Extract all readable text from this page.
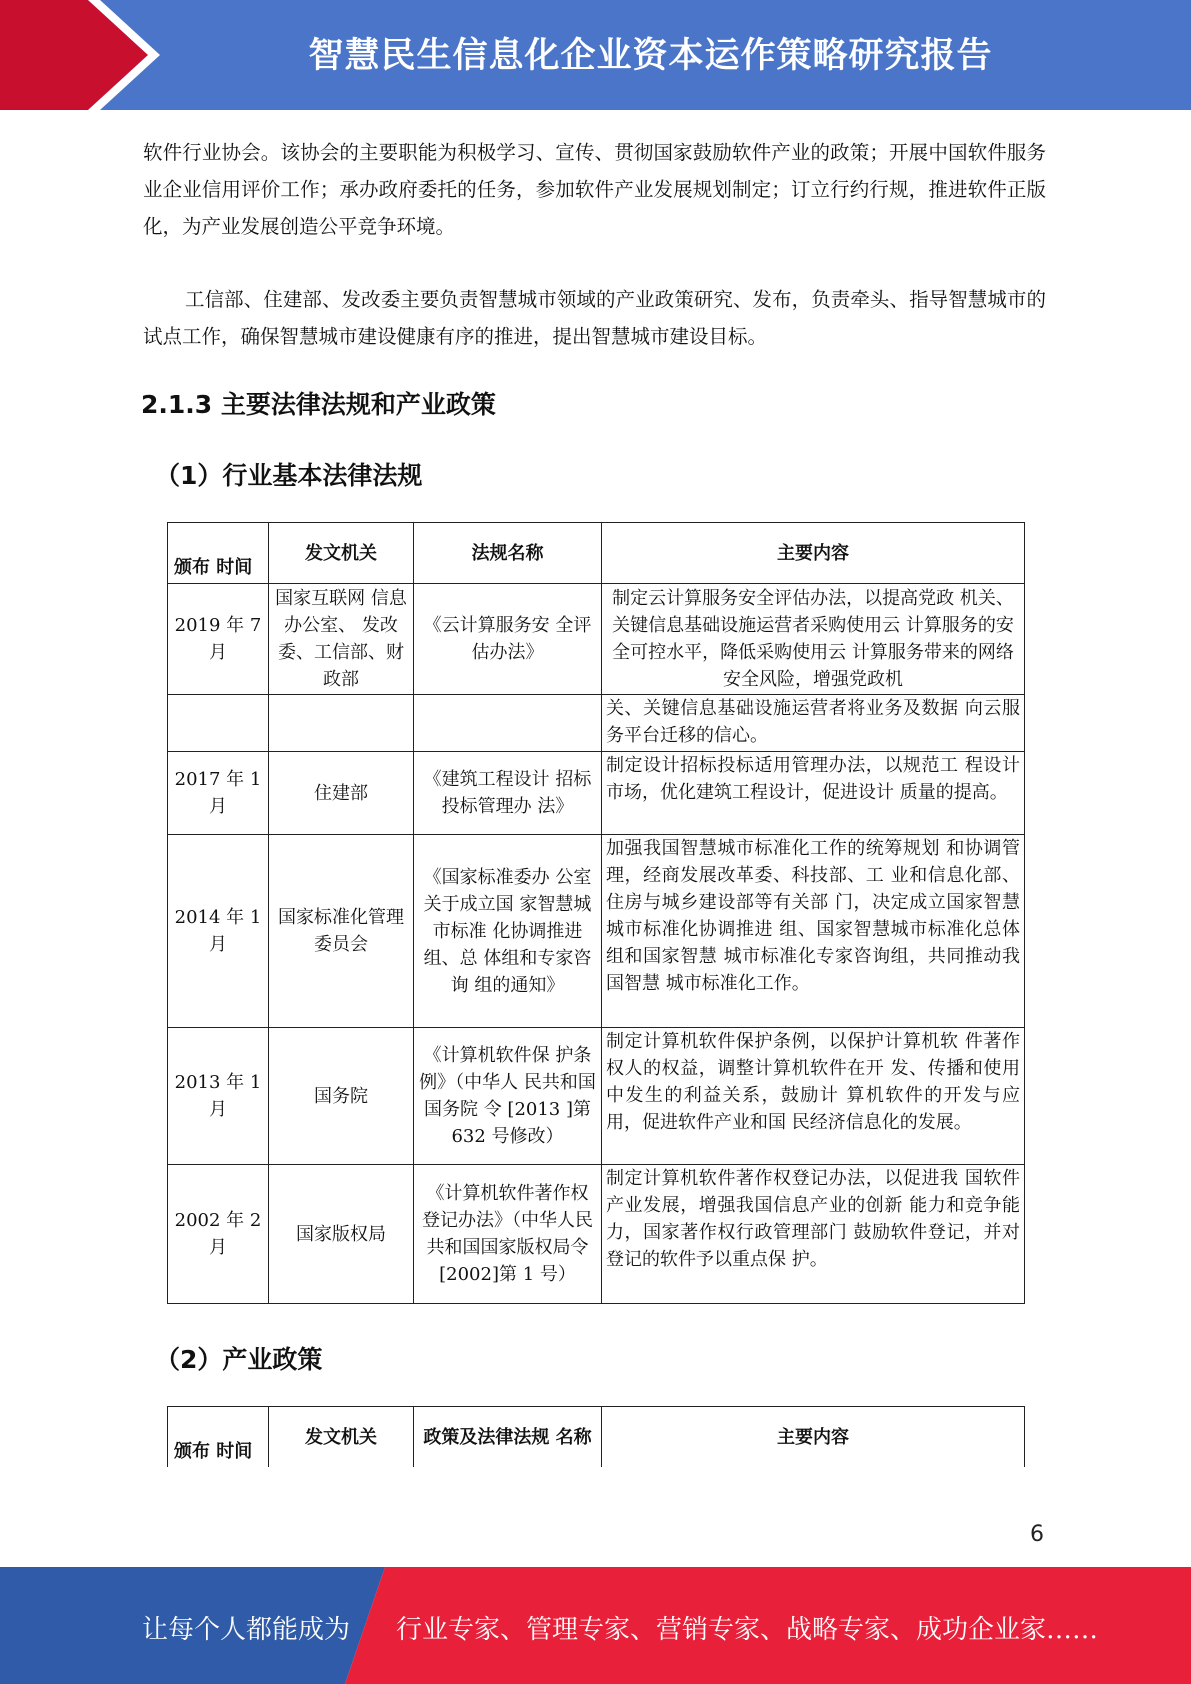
智慧民生信息化企业资本运作策略研究报告

软件行业协会。该协会的主要职能为积极学习、宣传、贯彻国家鼓励软件产业的政策；开展中国软件服务业企业信用评价工作；承办政府委托的任务，参加软件产业发展规划制定；订立行约行规，推进软件正版化，为产业发展创造公平竞争环境。

工信部、住建部、发改委主要负责智慧城市领域的产业政策研究、发布，负责牵头、指导智慧城市的试点工作，确保智慧城市建设健康有序的推进，提出智慧城市建设目标。

2.1.3 主要法律法规和产业政策
（1）行业基本法律法规
颁布 时间	发文机关	法规名称	主要内容
2019 年 7 月	国家互联网 信息办公室、 发改委、工信部、财政部	《云计算服务安 全评估办法》	制定云计算服务安全评估办法，以提高党政 机关、关键信息基础设施运营者采购使用云 计算服务的安全可控水平，降低采购使用云 计算服务带来的网络安全风险，增强党政机
			关、关键信息基础设施运营者将业务及数据 向云服务平台迁移的信心。
2017 年 1 月	住建部	《建筑工程设计 招标投标管理办 法》	制定设计招标投标适用管理办法，以规范工 程设计市场，优化建筑工程设计，促进设计 质量的提高。
2014 年 1 月	国家标准化管理委员会	《国家标准委办 公室关于成立国 家智慧城市标准 化协调推进组、总 体组和专家咨询 组的通知》	加强我国智慧城市标准化工作的统筹规划 和协调管理，经商发展改革委、科技部、工 业和信息化部、住房与城乡建设部等有关部 门，决定成立国家智慧城市标准化协调推进 组、国家智慧城市标准化总体组和国家智慧 城市标准化专家咨询组，共同推动我国智慧 城市标准化工作。
2013 年 1 月	国务院	《计算机软件保 护条例》（中华人 民共和国国务院 令 [2013 ]第 632 号修改）	制定计算机软件保护条例，以保护计算机软 件著作权人的权益，调整计算机软件在开 发、传播和使用中发生的利益关系，鼓励计 算机软件的开发与应用，促进软件产业和国 民经济信息化的发展。
2002 年 2 月	国家版权局	《计算机软件著作权登记办法》（中华人民共和国国家版权局令 [2002]第 1 号）	制定计算机软件著作权登记办法，以促进我 国软件产业发展，增强我国信息产业的创新 能力和竞争能力，国家著作权行政管理部门 鼓励软件登记，并对登记的软件予以重点保 护。
（2）产业政策
颁布 时间	发文机关	政策及法律法规 名称	主要内容
6
让每个人都能成为 行业专家、管理专家、营销专家、战略专家、成功企业家……
